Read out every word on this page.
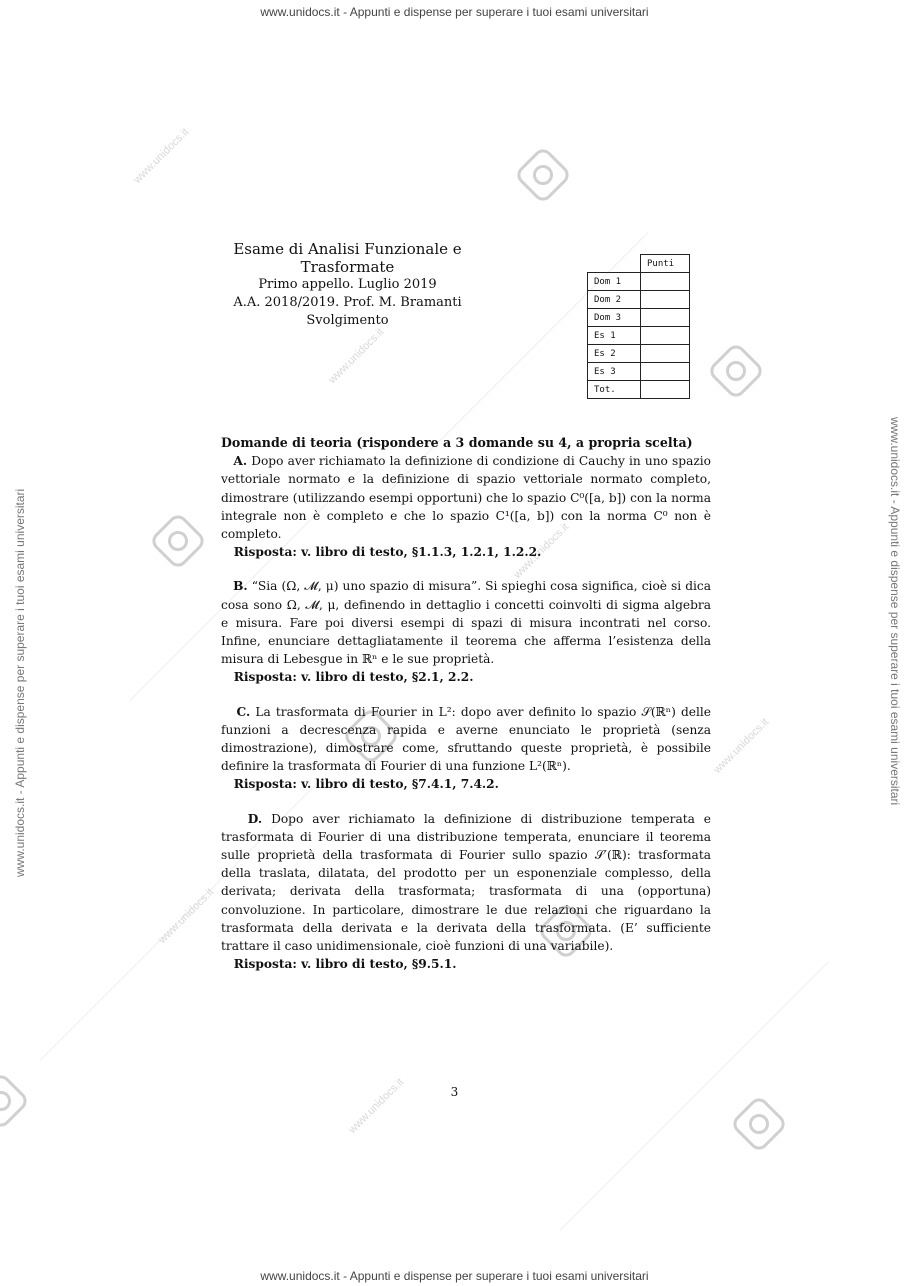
www.unidocs.it
www.unidocs.it
www.unidocs.it
www.unidocs.it
www.unidocs.it
www.unidocs.it
www.unidocs.it - Appunti e dispense per superare i tuoi esami universitari
www.unidocs.it - Appunti e dispense per superare i tuoi esami universitari
www.unidocs.it - Appunti e dispense per superare i tuoi esami universitari	www.unidocs.it - Appunti e dispense per superare i tuoi esami universitari
Esame di Analisi Funzionale e Trasformate
Primo appello. Luglio 2019
A.A. 2018/2019. Prof. M. Bramanti
Svolgimento
	Punti
Dom 1	
Dom 2	
Dom 3	
Es 1	
Es 2	
Es 3	
Tot.	
Domande di teoria (rispondere a 3 domande su 4, a propria scelta)

A. Dopo aver richiamato la definizione di condizione di Cauchy in uno spazio vettoriale normato e la definizione di spazio vettoriale normato completo, dimostrare (utilizzando esempi opportuni) che lo spazio C⁰([a, b]) con la norma integrale non è completo e che lo spazio C¹([a, b]) con la norma C⁰ non è completo.

Risposta: v. libro di testo, §1.1.3, 1.2.1, 1.2.2.

B. “Sia (Ω, 𝓜, μ) uno spazio di misura”. Si spieghi cosa significa, cioè si dica cosa sono Ω, 𝓜, μ, definendo in dettaglio i concetti coinvolti di sigma algebra e misura. Fare poi diversi esempi di spazi di misura incontrati nel corso. Infine, enunciare dettagliatamente il teorema che afferma l’esistenza della misura di Lebesgue in ℝⁿ e le sue proprietà.

Risposta: v. libro di testo, §2.1, 2.2.

C. La trasformata di Fourier in L²: dopo aver definito lo spazio 𝒮(ℝⁿ) delle funzioni a decrescenza rapida e averne enunciato le proprietà (senza dimostrazione), dimostrare come, sfruttando queste proprietà, è possibile definire la trasformata di Fourier di una funzione L²(ℝⁿ).

Risposta: v. libro di testo, §7.4.1, 7.4.2.

D. Dopo aver richiamato la definizione di distribuzione temperata e trasformata di Fourier di una distribuzione temperata, enunciare il teorema sulle proprietà della trasformata di Fourier sullo spazio 𝒮′(ℝ): trasformata della traslata, dilatata, del prodotto per un esponenziale complesso, della derivata; derivata della trasformata; trasformata di una (opportuna) convoluzione. In particolare, dimostrare le due relazioni che riguardano la trasformata della derivata e la derivata della trasformata. (E’ sufficiente trattare il caso unidimensionale, cioè funzioni di una variabile).

Risposta: v. libro di testo, §9.5.1.

3
